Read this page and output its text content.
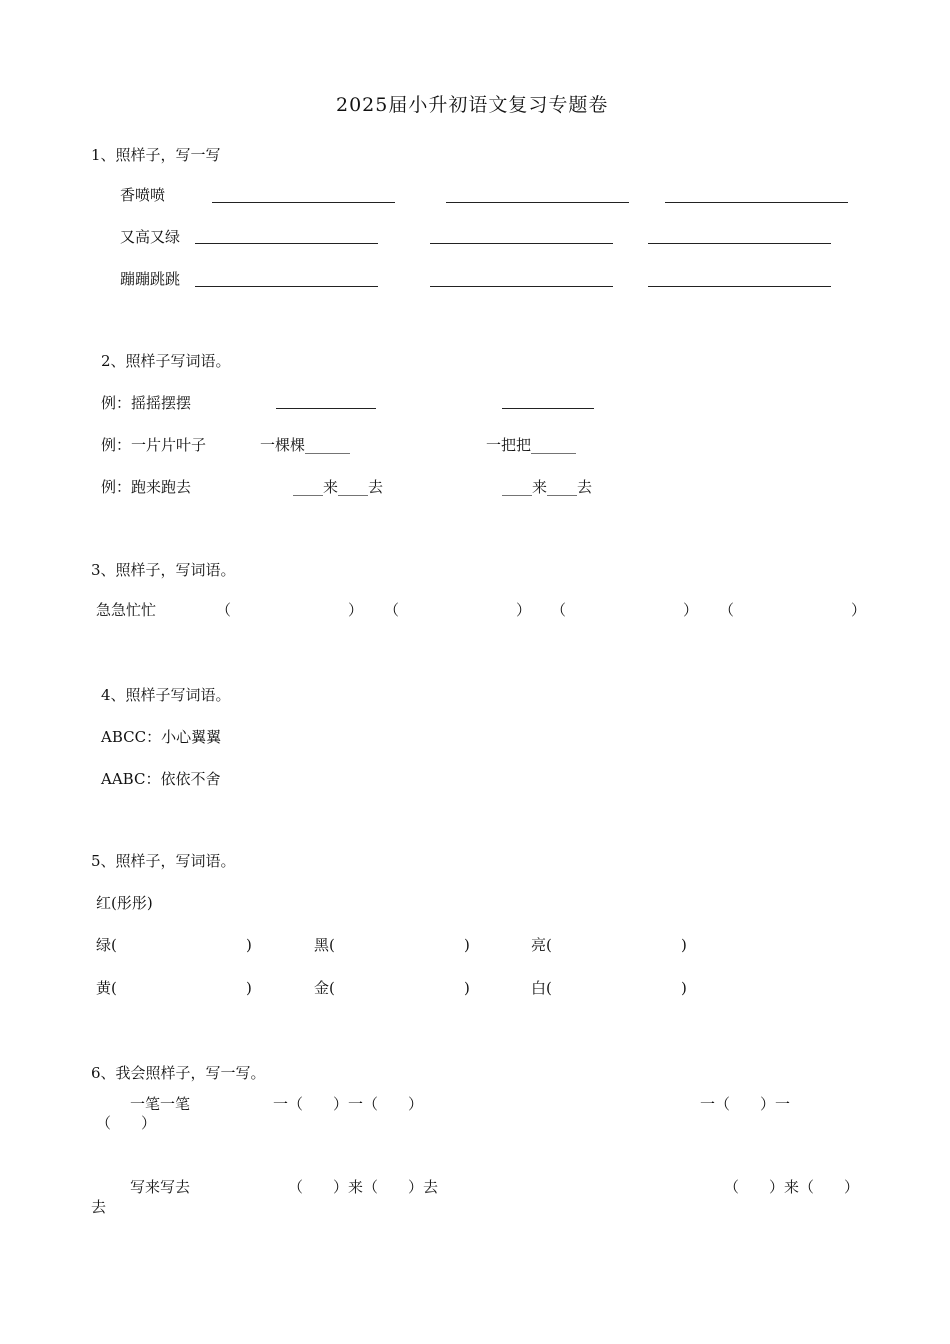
2025届小升初语文复习专题卷
1、照样子，写一写
香喷喷
又高又绿
蹦蹦跳跳
2、照样子写词语。
例：摇摇摆摆
例：一片片叶子	一棵棵______	一把把______
例：跑来跑去	____来____去	____来____去
3、照样子，写词语。
急急忙忙	（	） （	） （	） （	）
4、照样子写词语。
ABCC：小心翼翼
AABC：依依不舍
5、照样子，写词语。
红(彤彤)
绿(	)	黑(	)	亮(	)
黄(	)	金(	)	白(	)
6、我会照样子，写一写。
一笔一笔	一（　　）一（　　）	一（　　）一
（　　）
写来写去	（　　）来（　　）去	（　　）来（　　）
去
